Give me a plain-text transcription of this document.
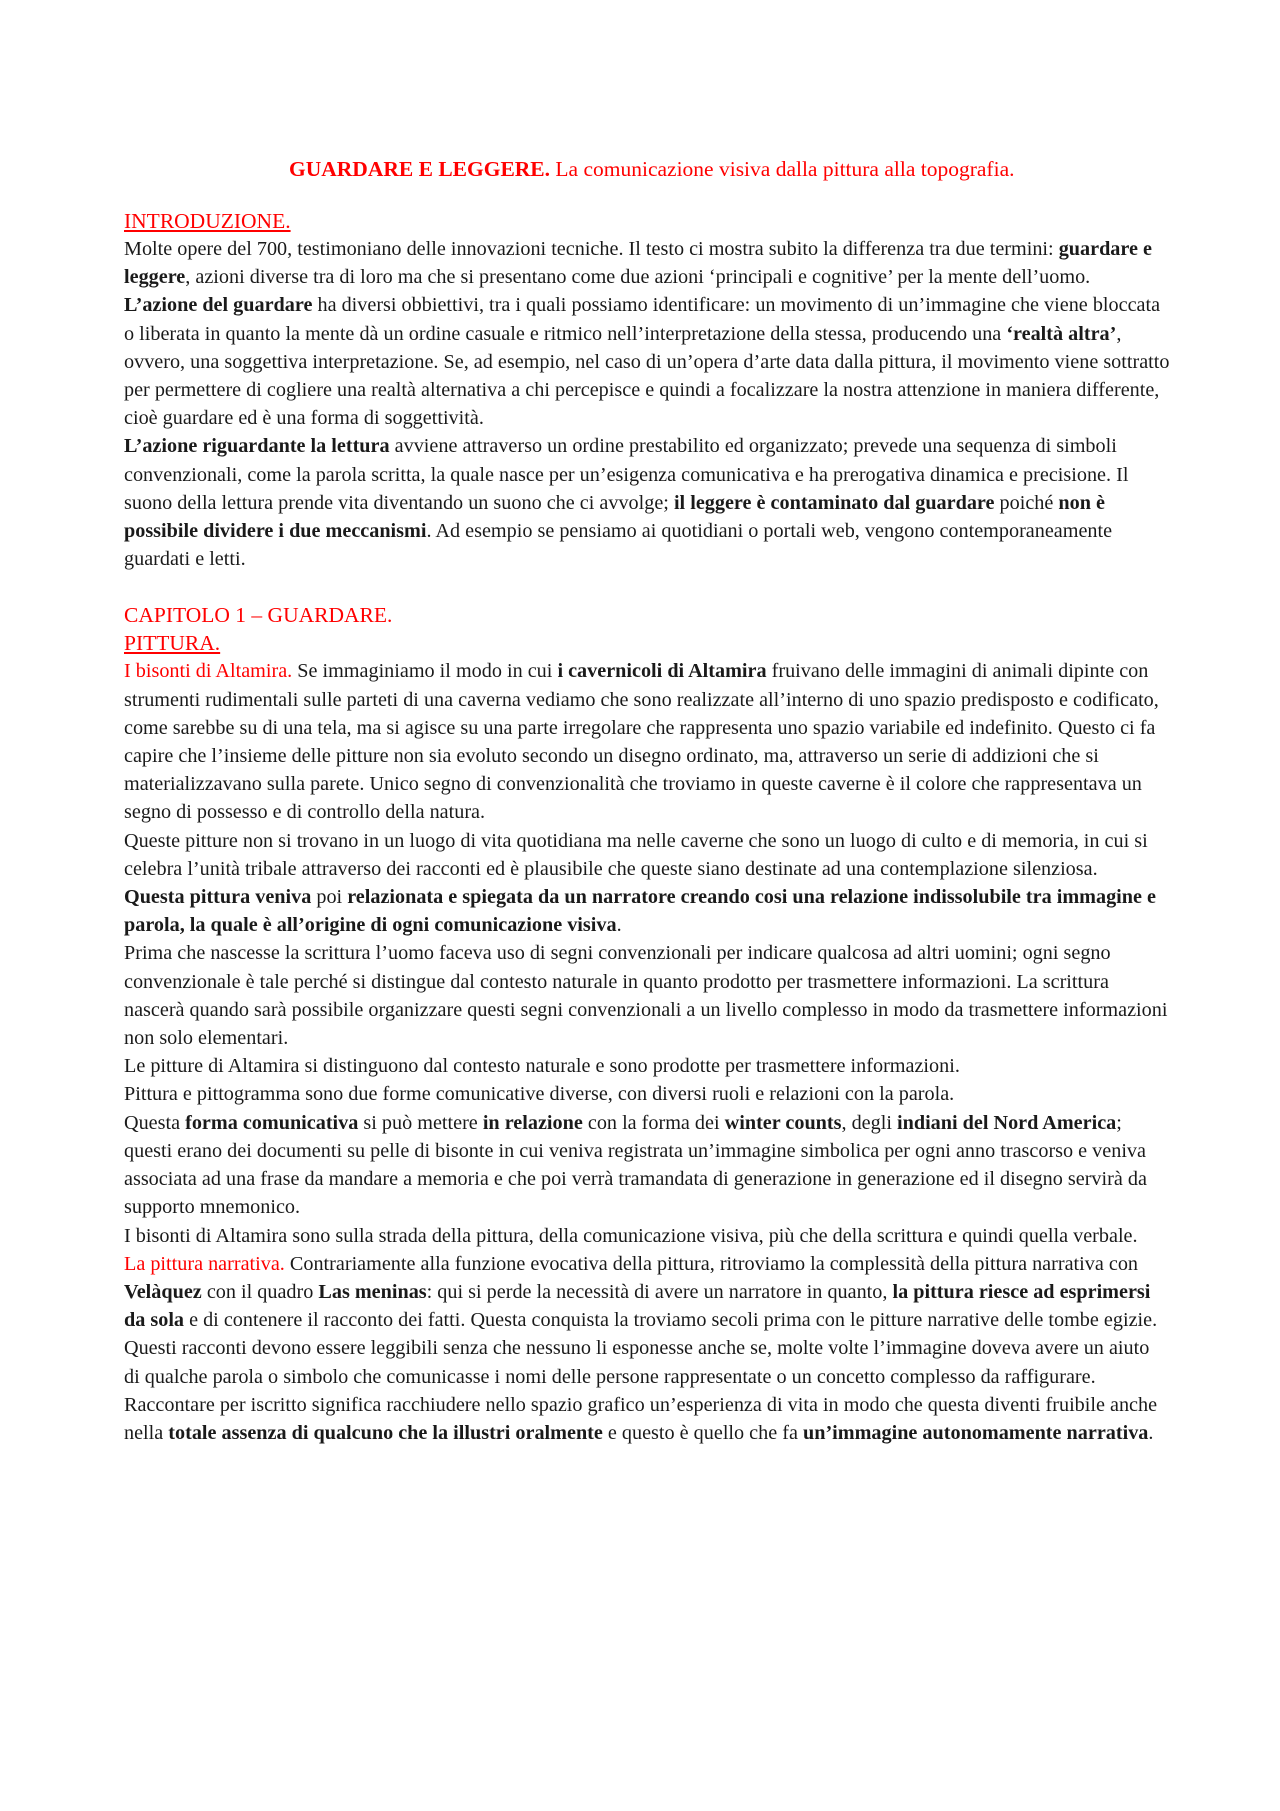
GUARDARE E LEGGERE. La comunicazione visiva dalla pittura alla topografia.
INTRODUZIONE.

Molte opere del 700, testimoniano delle innovazioni tecniche. Il testo ci mostra subito la differenza tra due termini: guardare e leggere, azioni diverse tra di loro ma che si presentano come due azioni ‘principali e cognitive’ per la mente dell’uomo.

L’azione del guardare ha diversi obbiettivi, tra i quali possiamo identificare: un movimento di un’immagine che viene bloccata o liberata in quanto la mente dà un ordine casuale e ritmico nell’interpretazione della stessa, producendo una ‘realtà altra’, ovvero, una soggettiva interpretazione. Se, ad esempio, nel caso di un’opera d’arte data dalla pittura, il movimento viene sottratto per permettere di cogliere una realtà alternativa a chi percepisce e quindi a focalizzare la nostra attenzione in maniera differente, cioè guardare ed è una forma di soggettività.

L’azione riguardante la lettura avviene attraverso un ordine prestabilito ed organizzato; prevede una sequenza di simboli convenzionali, come la parola scritta, la quale nasce per un’esigenza comunicativa e ha prerogativa dinamica e precisione. Il suono della lettura prende vita diventando un suono che ci avvolge; il leggere è contaminato dal guardare poiché non è possibile dividere i due meccanismi. Ad esempio se pensiamo ai quotidiani o portali web, vengono contemporaneamente guardati e letti.

CAPITOLO 1 – GUARDARE.
PITTURA.

I bisonti di Altamira. Se immaginiamo il modo in cui i cavernicoli di Altamira fruivano delle immagini di animali dipinte con strumenti rudimentali sulle parteti di una caverna vediamo che sono realizzate all’interno di uno spazio predisposto e codificato, come sarebbe su di una tela, ma si agisce su una parte irregolare che rappresenta uno spazio variabile ed indefinito. Questo ci fa capire che l’insieme delle pitture non sia evoluto secondo un disegno ordinato, ma, attraverso un serie di addizioni che si materializzavano sulla parete. Unico segno di convenzionalità che troviamo in queste caverne è il colore che rappresentava un segno di possesso e di controllo della natura.

Queste pitture non si trovano in un luogo di vita quotidiana ma nelle caverne che sono un luogo di culto e di memoria, in cui si celebra l’unità tribale attraverso dei racconti ed è plausibile che queste siano destinate ad una contemplazione silenziosa.

Questa pittura veniva poi relazionata e spiegata da un narratore creando cosi una relazione indissolubile tra immagine e parola, la quale è all’origine di ogni comunicazione visiva.

Prima che nascesse la scrittura l’uomo faceva uso di segni convenzionali per indicare qualcosa ad altri uomini; ogni segno convenzionale è tale perché si distingue dal contesto naturale in quanto prodotto per trasmettere informazioni. La scrittura nascerà quando sarà possibile organizzare questi segni convenzionali a un livello complesso in modo da trasmettere informazioni non solo elementari.

Le pitture di Altamira si distinguono dal contesto naturale e sono prodotte per trasmettere informazioni.

Pittura e pittogramma sono due forme comunicative diverse, con diversi ruoli e relazioni con la parola.

Questa forma comunicativa si può mettere in relazione con la forma dei winter counts, degli indiani del Nord America; questi erano dei documenti su pelle di bisonte in cui veniva registrata un’immagine simbolica per ogni anno trascorso e veniva associata ad una frase da mandare a memoria e che poi verrà tramandata di generazione in generazione ed il disegno servirà da supporto mnemonico.

I bisonti di Altamira sono sulla strada della pittura, della comunicazione visiva, più che della scrittura e quindi quella verbale.

La pittura narrativa. Contrariamente alla funzione evocativa della pittura, ritroviamo la complessità della pittura narrativa con Velàquez con il quadro Las meninas: qui si perde la necessità di avere un narratore in quanto, la pittura riesce ad esprimersi da sola e di contenere il racconto dei fatti. Questa conquista la troviamo secoli prima con le pitture narrative delle tombe egizie.

Questi racconti devono essere leggibili senza che nessuno li esponesse anche se, molte volte l’immagine doveva avere un aiuto di qualche parola o simbolo che comunicasse i nomi delle persone rappresentate o un concetto complesso da raffigurare.

Raccontare per iscritto significa racchiudere nello spazio grafico un’esperienza di vita in modo che questa diventi fruibile anche nella totale assenza di qualcuno che la illustri oralmente e questo è quello che fa un’immagine autonomamente narrativa.
